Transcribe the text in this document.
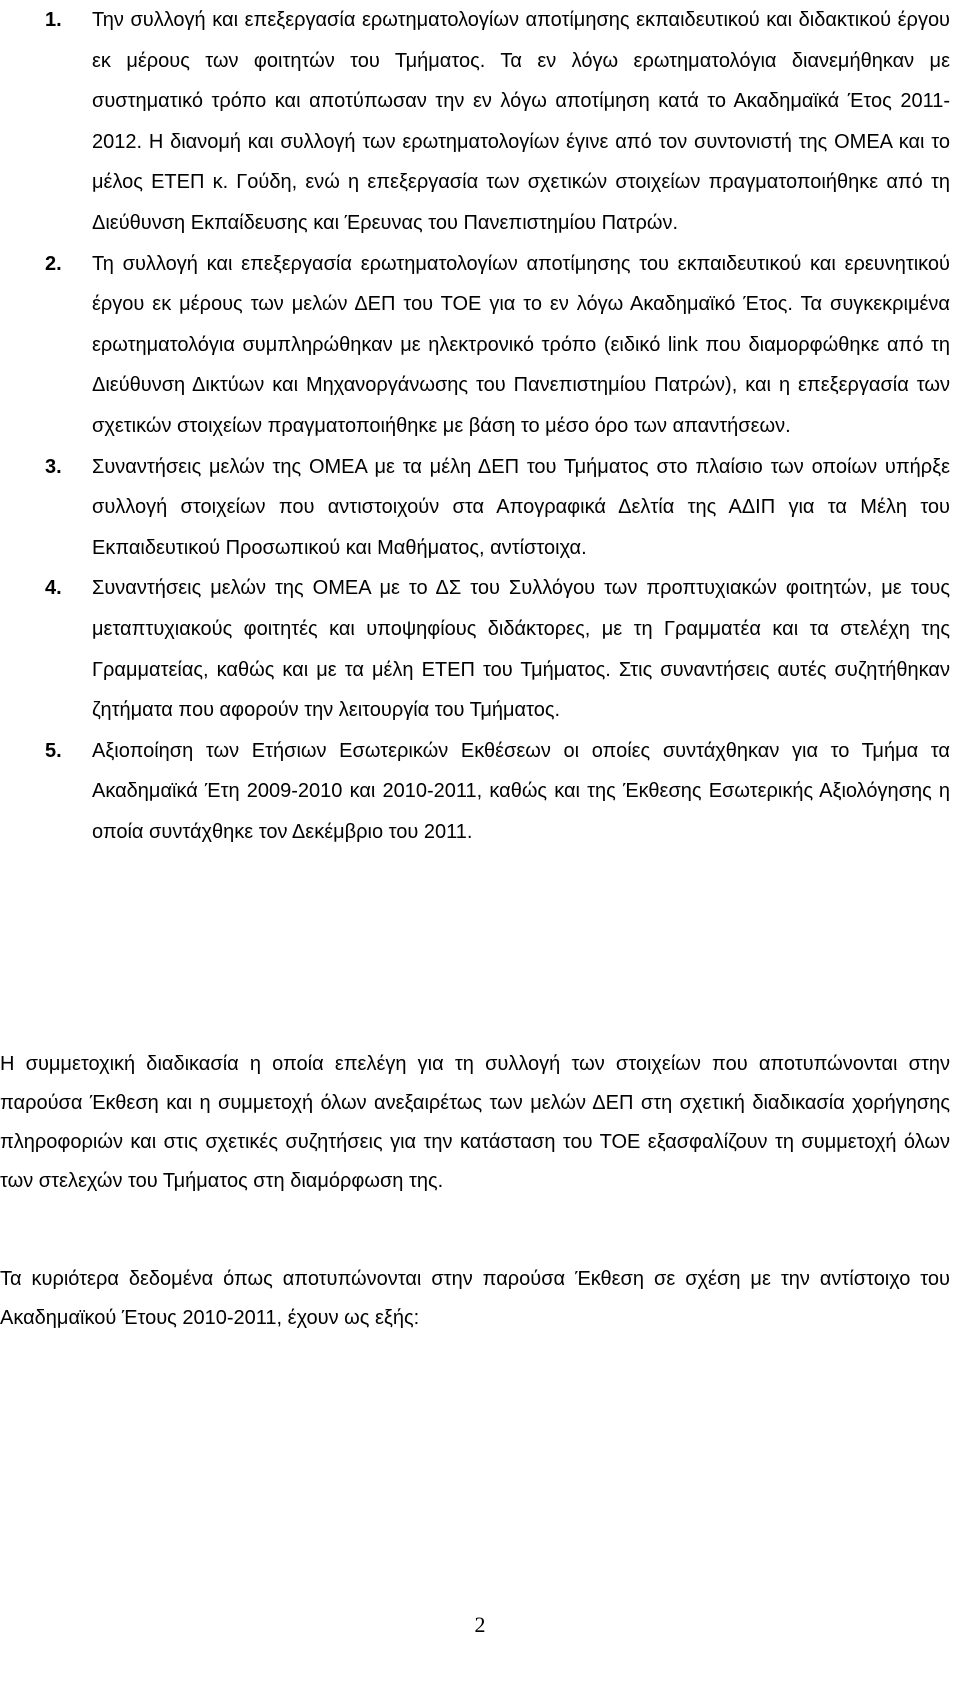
1. Την συλλογή και επεξεργασία ερωτηματολογίων αποτίμησης εκπαιδευτικού και διδακτικού έργου εκ μέρους των φοιτητών του Τμήματος. Τα εν λόγω ερωτηματολόγια διανεμήθηκαν με συστηματικό τρόπο και αποτύπωσαν την εν λόγω αποτίμηση κατά το Ακαδημαϊκά Έτος 2011-2012. Η διανομή και συλλογή των ερωτηματολογίων έγινε από τον συντονιστή της ΟΜΕΑ και το μέλος ΕΤΕΠ κ. Γούδη, ενώ η επεξεργασία των σχετικών στοιχείων πραγματοποιήθηκε από τη Διεύθυνση Εκπαίδευσης και Έρευνας του Πανεπιστημίου Πατρών.
2. Τη συλλογή και επεξεργασία ερωτηματολογίων αποτίμησης του εκπαιδευτικού και ερευνητικού έργου εκ μέρους των μελών ΔΕΠ του ΤΟΕ για το εν λόγω Ακαδημαϊκό Έτος. Τα συγκεκριμένα ερωτηματολόγια συμπληρώθηκαν με ηλεκτρονικό τρόπο (ειδικό link που διαμορφώθηκε από τη Διεύθυνση Δικτύων και Μηχανοργάνωσης του Πανεπιστημίου Πατρών), και η επεξεργασία των σχετικών στοιχείων πραγματοποιήθηκε με βάση το μέσο όρο των απαντήσεων.
3. Συναντήσεις μελών της ΟΜΕΑ με τα μέλη ΔΕΠ του Τμήματος στο πλαίσιο των οποίων υπήρξε συλλογή στοιχείων που αντιστοιχούν στα Απογραφικά Δελτία της ΑΔΙΠ για τα Μέλη του Εκπαιδευτικού Προσωπικού και Μαθήματος, αντίστοιχα.
4. Συναντήσεις μελών της ΟΜΕΑ με το ΔΣ του Συλλόγου των προπτυχιακών φοιτητών, με τους μεταπτυχιακούς φοιτητές και υποψηφίους διδάκτορες, με τη Γραμματέα και τα στελέχη της Γραμματείας, καθώς και με τα μέλη ΕΤΕΠ του Τμήματος. Στις συναντήσεις αυτές συζητήθηκαν ζητήματα που αφορούν την λειτουργία του Τμήματος.
5. Αξιοποίηση των Ετήσιων Εσωτερικών Εκθέσεων οι οποίες συντάχθηκαν για το Τμήμα τα Ακαδημαϊκά Έτη 2009-2010 και 2010-2011, καθώς και της Έκθεσης Εσωτερικής Αξιολόγησης η οποία συντάχθηκε τον Δεκέμβριο του 2011.

Η συμμετοχική διαδικασία η οποία επελέγη για τη συλλογή των στοιχείων που αποτυπώνονται στην παρούσα Έκθεση και η συμμετοχή όλων ανεξαιρέτως των μελών ΔΕΠ στη σχετική διαδικασία χορήγησης πληροφοριών και στις σχετικές συζητήσεις για την κατάσταση του ΤΟΕ εξασφαλίζουν τη συμμετοχή όλων των στελεχών του Τμήματος στη διαμόρφωση της.

Τα κυριότερα δεδομένα όπως αποτυπώνονται στην παρούσα Έκθεση σε σχέση με την αντίστοιχο του Ακαδημαϊκού Έτους 2010-2011, έχουν ως εξής:

2
